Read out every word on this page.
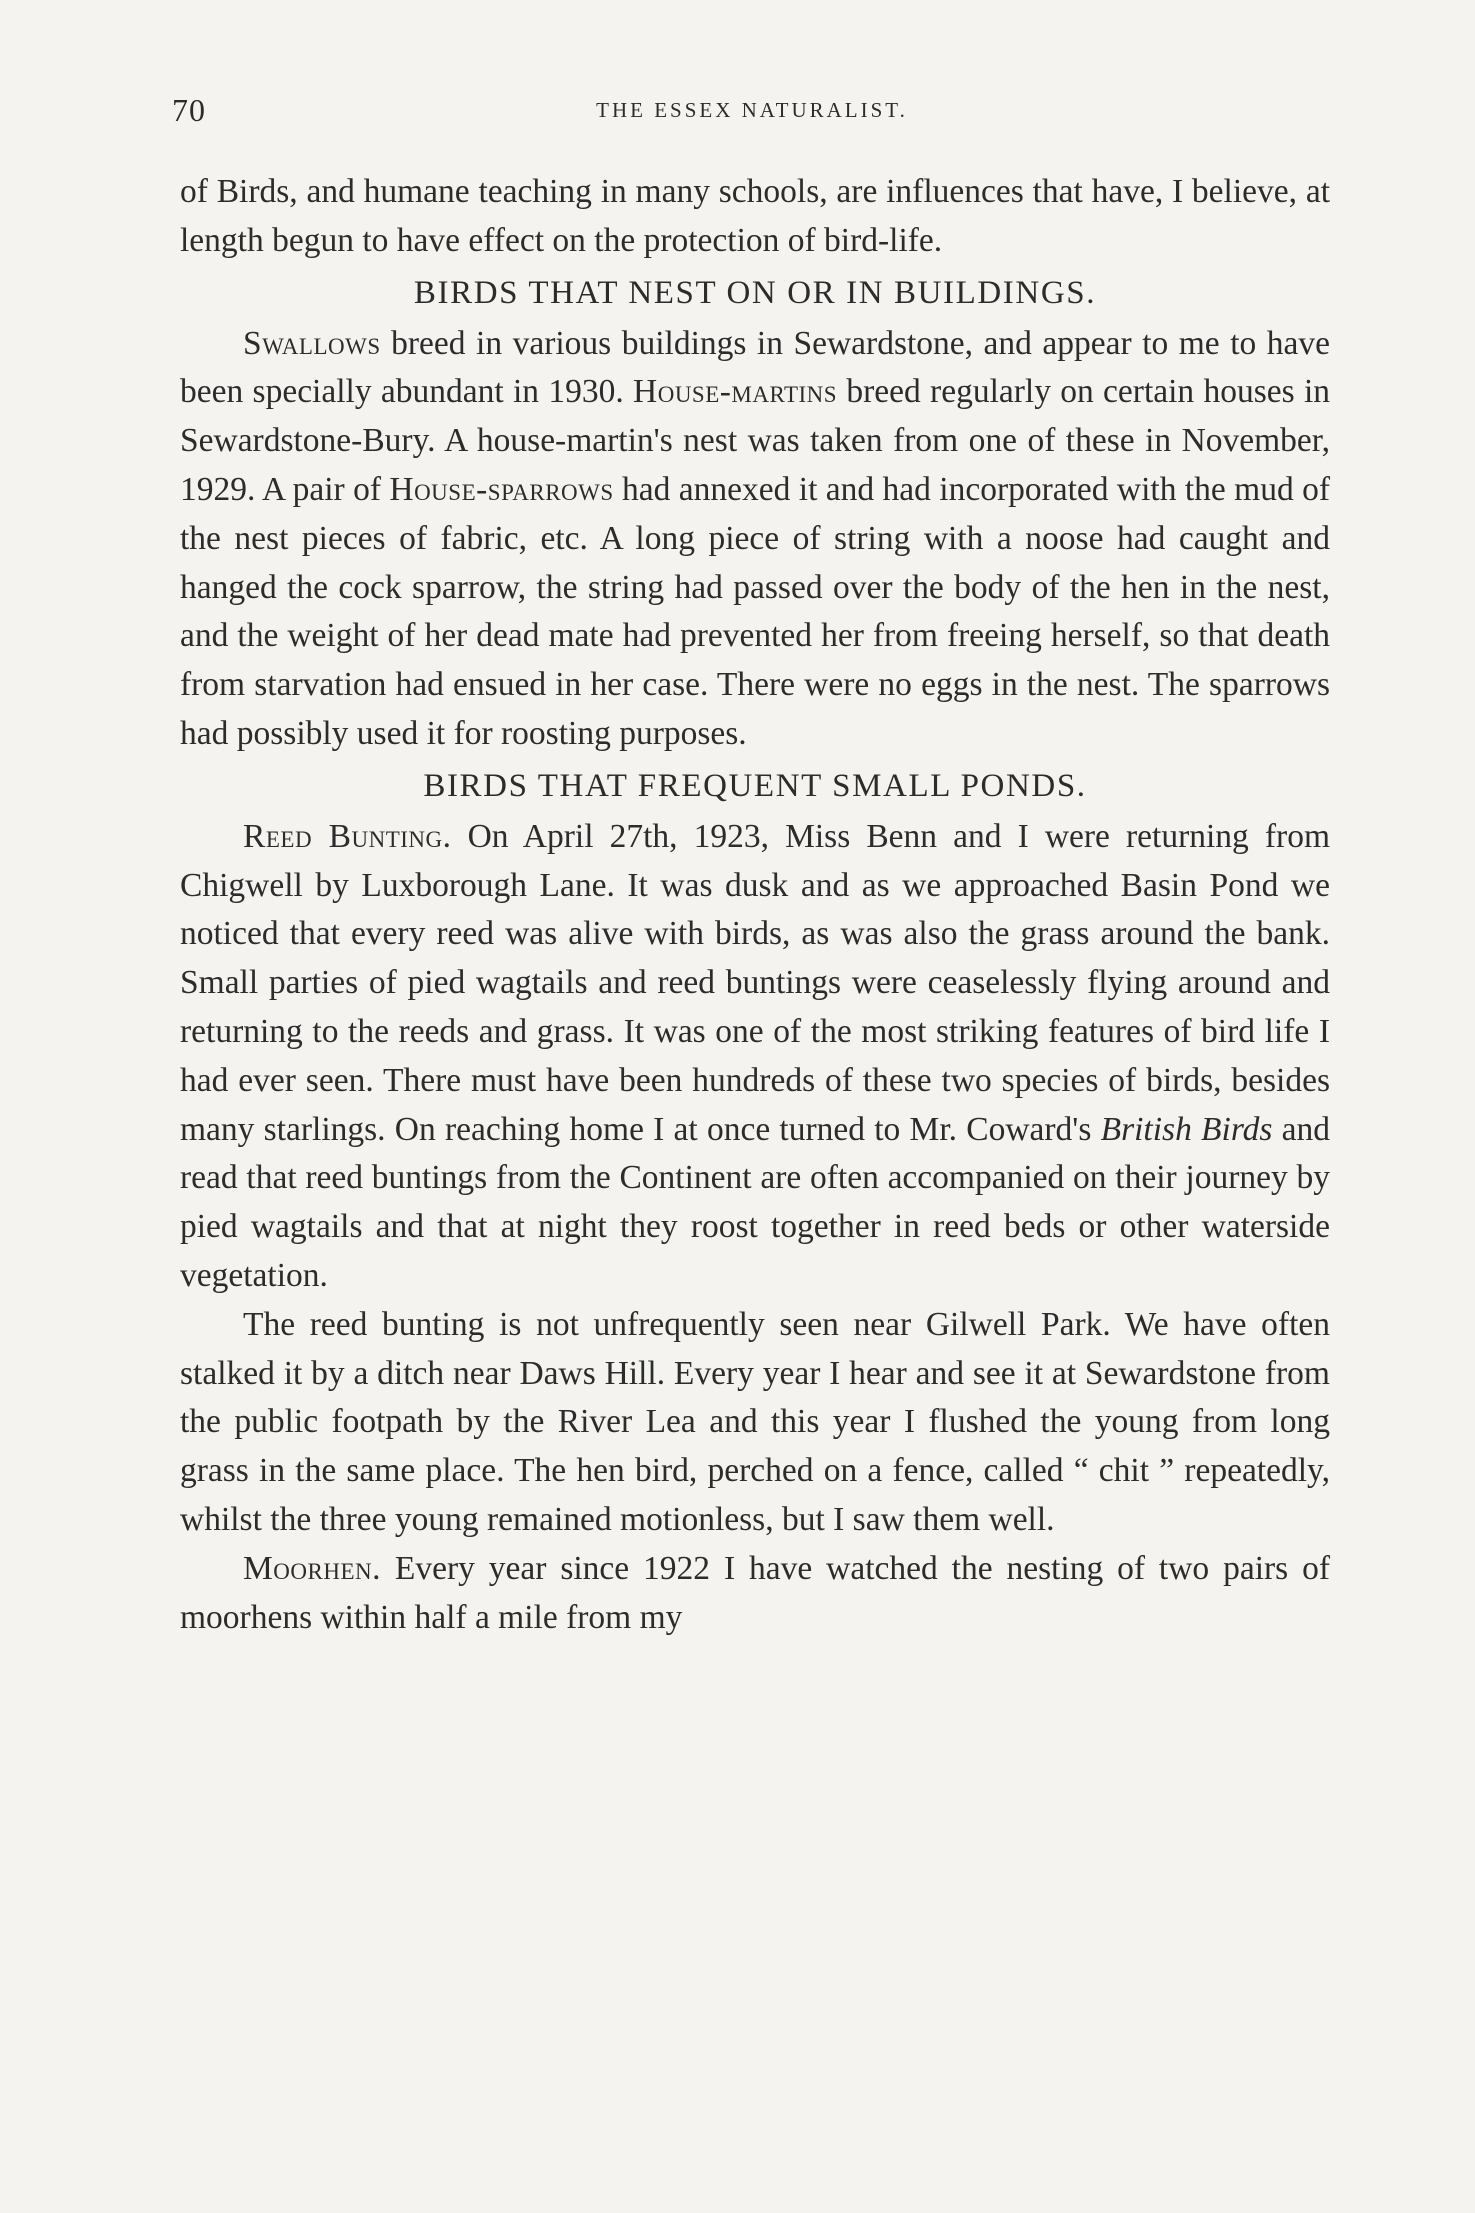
70	THE ESSEX NATURALIST.

of Birds, and humane teaching in many schools, are influences that have, I believe, at length begun to have effect on the protection of bird-life.

BIRDS THAT NEST ON OR IN BUILDINGS.

Swallows breed in various buildings in Sewardstone, and appear to me to have been specially abundant in 1930. House-martins breed regularly on certain houses in Sewardstone-Bury. A house-martin's nest was taken from one of these in November, 1929. A pair of House-sparrows had annexed it and had incorporated with the mud of the nest pieces of fabric, etc. A long piece of string with a noose had caught and hanged the cock sparrow, the string had passed over the body of the hen in the nest, and the weight of her dead mate had prevented her from freeing herself, so that death from starvation had ensued in her case. There were no eggs in the nest. The sparrows had possibly used it for roosting purposes.

BIRDS THAT FREQUENT SMALL PONDS.

Reed Bunting. On April 27th, 1923, Miss Benn and I were returning from Chigwell by Luxborough Lane. It was dusk and as we approached Basin Pond we noticed that every reed was alive with birds, as was also the grass around the bank. Small parties of pied wagtails and reed buntings were ceaselessly flying around and returning to the reeds and grass. It was one of the most striking features of bird life I had ever seen. There must have been hundreds of these two species of birds, besides many starlings. On reaching home I at once turned to Mr. Coward's British Birds and read that reed buntings from the Continent are often accompanied on their journey by pied wagtails and that at night they roost together in reed beds or other waterside vegetation.

The reed bunting is not unfrequently seen near Gilwell Park. We have often stalked it by a ditch near Daws Hill. Every year I hear and see it at Sewardstone from the public footpath by the River Lea and this year I flushed the young from long grass in the same place. The hen bird, perched on a fence, called “ chit ” repeatedly, whilst the three young remained motionless, but I saw them well.

Moorhen. Every year since 1922 I have watched the nesting of two pairs of moorhens within half a mile from my
